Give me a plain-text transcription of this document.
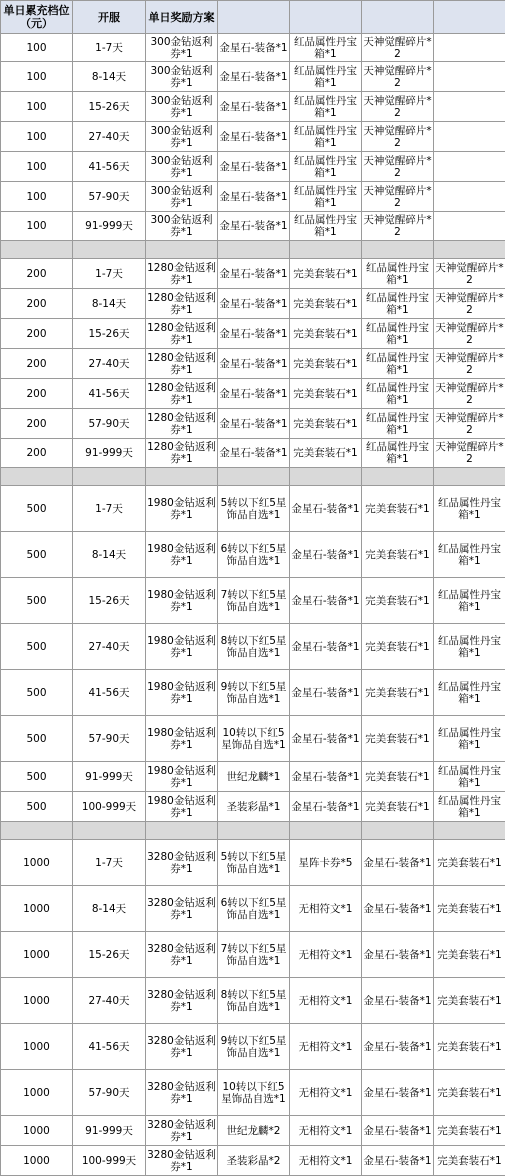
单日累充档位（元）	开服	单日奖励方案				
100	1-7天	300金钻返利券*1	金星石-装备*1	红品属性丹宝箱*1	天神觉醒碎片*2	
100	8-14天	300金钻返利券*1	金星石-装备*1	红品属性丹宝箱*1	天神觉醒碎片*2	
100	15-26天	300金钻返利券*1	金星石-装备*1	红品属性丹宝箱*1	天神觉醒碎片*2	
100	27-40天	300金钻返利券*1	金星石-装备*1	红品属性丹宝箱*1	天神觉醒碎片*2	
100	41-56天	300金钻返利券*1	金星石-装备*1	红品属性丹宝箱*1	天神觉醒碎片*2	
100	57-90天	300金钻返利券*1	金星石-装备*1	红品属性丹宝箱*1	天神觉醒碎片*2	
100	91-999天	300金钻返利券*1	金星石-装备*1	红品属性丹宝箱*1	天神觉醒碎片*2	

200	1-7天	1280金钻返利券*1	金星石-装备*1	完美套装石*1	红品属性丹宝箱*1	天神觉醒碎片*2
200	8-14天	1280金钻返利券*1	金星石-装备*1	完美套装石*1	红品属性丹宝箱*1	天神觉醒碎片*2
200	15-26天	1280金钻返利券*1	金星石-装备*1	完美套装石*1	红品属性丹宝箱*1	天神觉醒碎片*2
200	27-40天	1280金钻返利券*1	金星石-装备*1	完美套装石*1	红品属性丹宝箱*1	天神觉醒碎片*2
200	41-56天	1280金钻返利券*1	金星石-装备*1	完美套装石*1	红品属性丹宝箱*1	天神觉醒碎片*2
200	57-90天	1280金钻返利券*1	金星石-装备*1	完美套装石*1	红品属性丹宝箱*1	天神觉醒碎片*2
200	91-999天	1280金钻返利券*1	金星石-装备*1	完美套装石*1	红品属性丹宝箱*1	天神觉醒碎片*2

500	1-7天	1980金钻返利券*1	5转以下红5星饰品自选*1	金星石-装备*1	完美套装石*1	红品属性丹宝箱*1
500	8-14天	1980金钻返利券*1	6转以下红5星饰品自选*1	金星石-装备*1	完美套装石*1	红品属性丹宝箱*1
500	15-26天	1980金钻返利券*1	7转以下红5星饰品自选*1	金星石-装备*1	完美套装石*1	红品属性丹宝箱*1
500	27-40天	1980金钻返利券*1	8转以下红5星饰品自选*1	金星石-装备*1	完美套装石*1	红品属性丹宝箱*1
500	41-56天	1980金钻返利券*1	9转以下红5星饰品自选*1	金星石-装备*1	完美套装石*1	红品属性丹宝箱*1
500	57-90天	1980金钻返利券*1	10转以下红5星饰品自选*1	金星石-装备*1	完美套装石*1	红品属性丹宝箱*1
500	91-999天	1980金钻返利券*1	世纪龙麟*1	金星石-装备*1	完美套装石*1	红品属性丹宝箱*1
500	100-999天	1980金钻返利券*1	圣装彩晶*1	金星石-装备*1	完美套装石*1	红品属性丹宝箱*1

1000	1-7天	3280金钻返利券*1	5转以下红5星饰品自选*1	星阵卡券*5	金星石-装备*1	完美套装石*1
1000	8-14天	3280金钻返利券*1	6转以下红5星饰品自选*1	无相符文*1	金星石-装备*1	完美套装石*1
1000	15-26天	3280金钻返利券*1	7转以下红5星饰品自选*1	无相符文*1	金星石-装备*1	完美套装石*1
1000	27-40天	3280金钻返利券*1	8转以下红5星饰品自选*1	无相符文*1	金星石-装备*1	完美套装石*1
1000	41-56天	3280金钻返利券*1	9转以下红5星饰品自选*1	无相符文*1	金星石-装备*1	完美套装石*1
1000	57-90天	3280金钻返利券*1	10转以下红5星饰品自选*1	无相符文*1	金星石-装备*1	完美套装石*1
1000	91-999天	3280金钻返利券*1	世纪龙麟*2	无相符文*1	金星石-装备*1	完美套装石*1
1000	100-999天	3280金钻返利券*1	圣装彩晶*2	无相符文*1	金星石-装备*1	完美套装石*1
